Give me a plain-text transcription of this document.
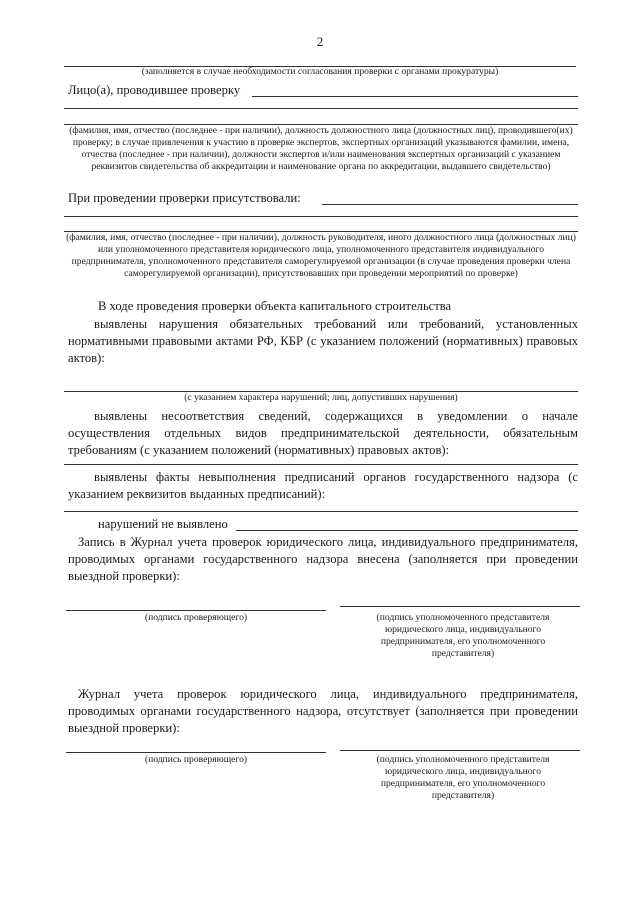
2
(заполняется в случае необходимости согласования проверки с органами прокуратуры)
Лицо(а), проводившее проверку
(фамилия, имя, отчество (последнее - при наличии), должность должностного лица (должностных лиц), проводившего(их) проверку; в случае привлечения к участию в проверке экспертов, экспертных организаций указываются фамилии, имена, отчества (последнее - при наличии), должности экспертов и/или наименования экспертных организаций с указанием реквизитов свидетельства об аккредитации и наименование органа по аккредитации, выдавшего свидетельство)
При проведении проверки присутствовали:
(фамилия, имя, отчество (последнее - при наличии), должность руководителя, иного должностного лица (должностных лиц) или уполномоченного представителя юридического лица, уполномоченного представителя индивидуального предпринимателя, уполномоченного представителя саморегулируемой организации (в случае проведения проверки члена саморегулируемой организации), присутствовавших при проведении мероприятий по проверке)
В ходе проведения проверки объекта капитального строительства
выявлены нарушения обязательных требований или требований, установленных нормативными правовыми актами РФ, КБР (с указанием положений (нормативных) правовых актов):
(с указанием характера нарушений; лиц, допустивших нарушения)
выявлены несоответствия сведений, содержащихся в уведомлении о начале осуществления отдельных видов предпринимательской деятельности, обязательным требованиям (с указанием положений (нормативных) правовых актов):
выявлены факты невыполнения предписаний органов государственного надзора (с указанием реквизитов выданных предписаний):
нарушений не выявлено
Запись в Журнал учета проверок юридического лица, индивидуального предпринимателя, проводимых органами государственного надзора внесена (заполняется при проведении выездной проверки):
(подпись проверяющего)	(подпись уполномоченного представителя юридического лица, индивидуального предпринимателя, его уполномоченного представителя)
Журнал учета проверок юридического лица, индивидуального предпринимателя, проводимых органами государственного надзора, отсутствует (заполняется при проведении выездной проверки):
(подпись проверяющего)	(подпись уполномоченного представителя юридического лица, индивидуального предпринимателя, его уполномоченного представителя)
